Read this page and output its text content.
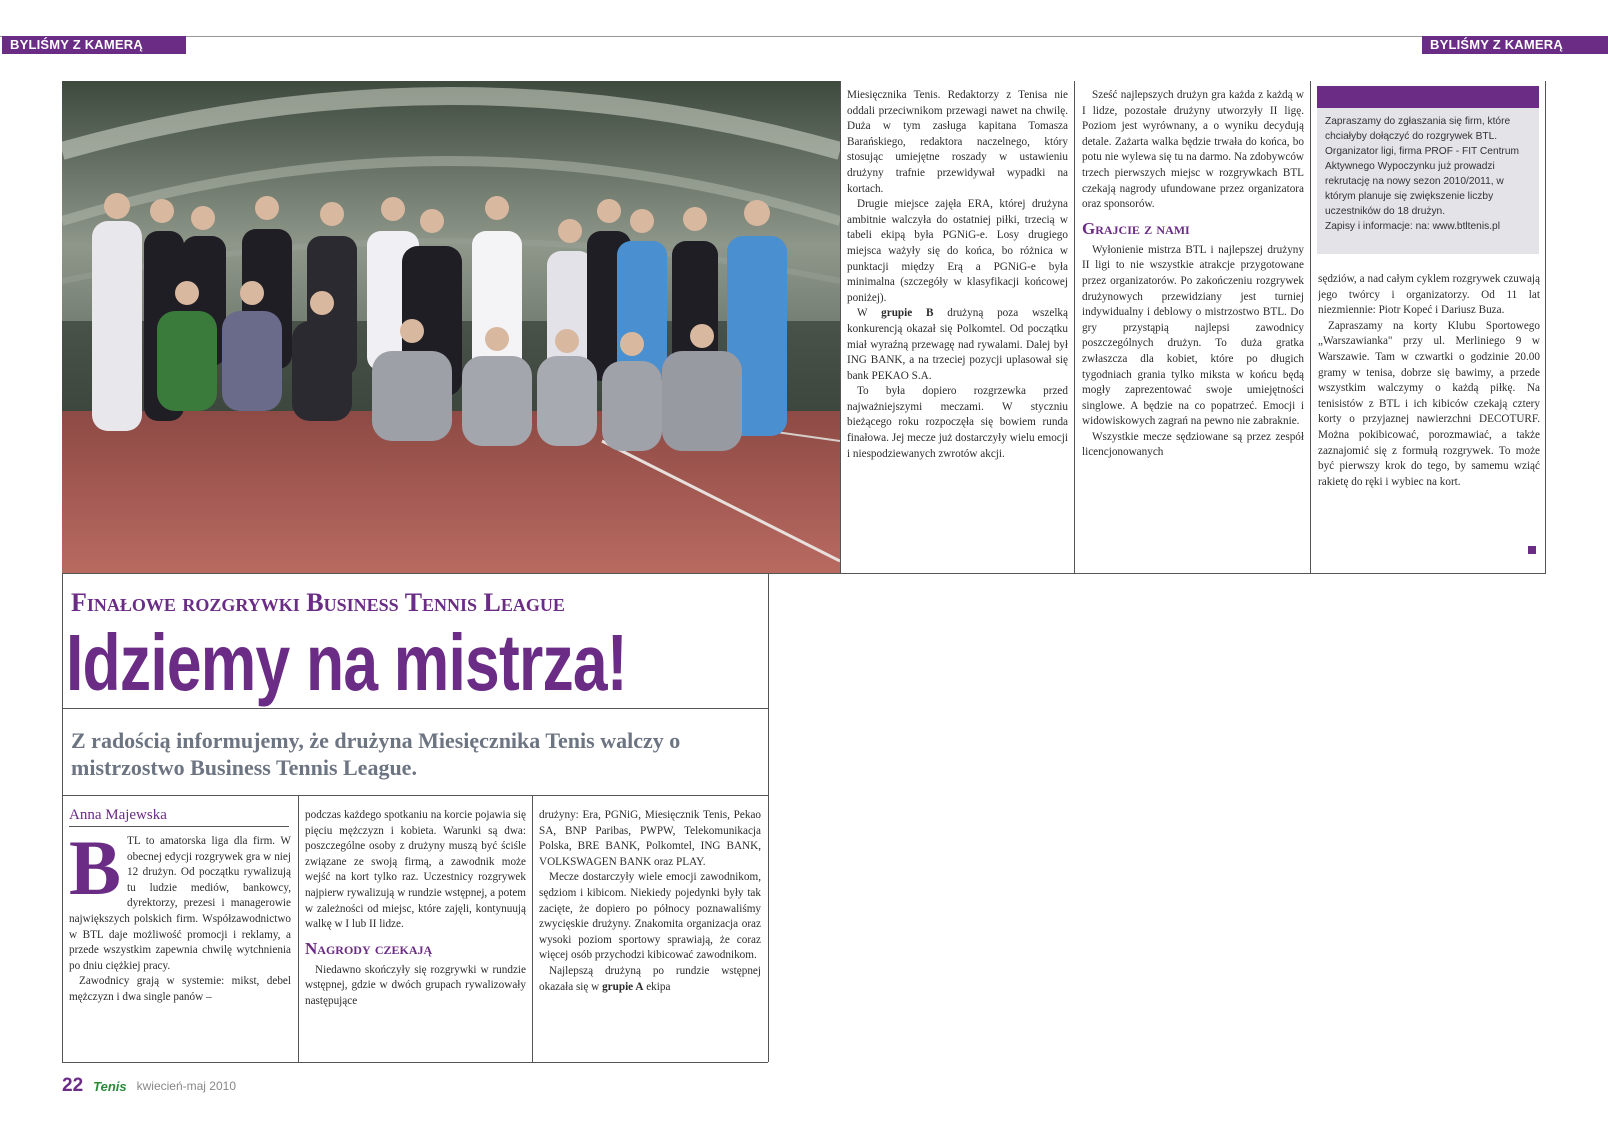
BYLIŚMY Z KAMERĄ	BYLIŚMY Z KAMERĄ
Finałowe rozgrywki Business Tennis League
Idziemy na mistrza!
Z radością informujemy, że drużyna Miesięcznika Tenis walczy o mistrzostwo Business Tennis League.
Anna Majewska
B TL to amatorska liga dla firm. W obecnej edycji rozgrywek gra w niej 12 drużyn. Od początku rywalizują tu ludzie mediów, bankowcy, dyrektorzy, prezesi i managerowie największych polskich firm. Współzawodnictwo w BTL daje możliwość promocji i reklamy, a przede wszystkim zapewnia chwilę wytchnienia po dniu ciężkiej pracy.

Zawodnicy grają w systemie: mikst, debel mężczyzn i dwa single panów –

podczas każdego spotkaniu na korcie pojawia się pięciu mężczyzn i kobieta. Warunki są dwa: poszczególne osoby z drużyny muszą być ściśle związane ze swoją firmą, a zawodnik może wejść na kort tylko raz. Uczestnicy rozgrywek najpierw rywalizują w rundzie wstępnej, a potem w zależności od miejsc, które zajęli, kontynuują walkę w I lub II lidze.

Nagrody czekają

Niedawno skończyły się rozgrywki w rundzie wstępnej, gdzie w dwóch grupach rywalizowały następujące

drużyny: Era, PGNiG, Miesięcznik Tenis, Pekao SA, BNP Paribas, PWPW, Telekomunikacja Polska, BRE BANK, Polkomtel, ING BANK, VOLKSWAGEN BANK oraz PLAY.

Mecze dostarczyły wiele emocji zawodnikom, sędziom i kibicom. Niekiedy pojedynki były tak zacięte, że dopiero po północy poznawaliśmy zwycięskie drużyny. Znakomita organizacja oraz wysoki poziom sportowy sprawiają, że coraz więcej osób przychodzi kibicować zawodnikom.

Najlepszą drużyną po rundzie wstępnej okazała się w grupie A ekipa

Miesięcznika Tenis. Redaktorzy z Tenisa nie oddali przeciwnikom przewagi nawet na chwilę. Duża w tym zasługa kapitana Tomasza Barańskiego, redaktora naczelnego, który stosując umiejętne roszady w ustawieniu drużyny trafnie przewidywał wypadki na kortach.

Drugie miejsce zajęła ERA, której drużyna ambitnie walczyła do ostatniej piłki, trzecią w tabeli ekipą była PGNiG-e. Losy drugiego miejsca ważyły się do końca, bo różnica w punktacji między Erą a PGNiG-e była minimalna (szczegóły w klasyfikacji końcowej poniżej).

W grupie B drużyną poza wszelką konkurencją okazał się Polkomtel. Od początku miał wyraźną przewagę nad rywalami. Dalej był ING BANK, a na trzeciej pozycji uplasował się bank PEKAO S.A.

To była dopiero rozgrzewka przed najważniejszymi meczami. W styczniu bieżącego roku rozpoczęła się bowiem runda finałowa. Jej mecze już dostarczyły wielu emocji i niespodziewanych zwrotów akcji.

Sześć najlepszych drużyn gra każda z każdą w I lidze, pozostałe drużyny utworzyły II ligę. Poziom jest wyrównany, a o wyniku decydują detale. Zażarta walka będzie trwała do końca, bo potu nie wylewa się tu na darmo. Na zdobywców trzech pierwszych miejsc w rozgrywkach BTL czekają nagrody ufundowane przez organizatora oraz sponsorów.

Grajcie z nami

Wyłonienie mistrza BTL i najlepszej drużyny II ligi to nie wszystkie atrakcje przygotowane przez organizatorów. Po zakończeniu rozgrywek drużynowych przewidziany jest turniej indywidualny i deblowy o mistrzostwo BTL. Do gry przystąpią najlepsi zawodnicy poszczególnych drużyn. To duża gratka zwłaszcza dla kobiet, które po długich tygodniach grania tylko miksta w końcu będą mogły zaprezentować swoje umiejętności singlowe. A będzie na co popatrzeć. Emocji i widowiskowych zagrań na pewno nie zabraknie.

Wszystkie mecze sędziowane są przez zespół licencjonowanych

Zapraszamy do zgłaszania się firm, które chciałyby dołączyć do rozgrywek BTL. Organizator ligi, firma PROF - FIT Centrum Aktywnego Wypoczynku już prowadzi rekrutację na nowy sezon 2010/2011, w którym planuje się zwiększenie liczby uczestników do 18 drużyn.
Zapisy i informacje: na: www.btltenis.pl

sędziów, a nad całym cyklem rozgrywek czuwają jego twórcy i organizatorzy. Od 11 lat niezmiennie: Piotr Kopeć i Dariusz Buza.

Zapraszamy na korty Klubu Sportowego „Warszawianka" przy ul. Merliniego 9 w Warszawie. Tam w czwartki o godzinie 20.00 gramy w tenisa, dobrze się bawimy, a przede wszystkim walczymy o każdą piłkę. Na tenisistów z BTL i ich kibiców czekają cztery korty o przyjaznej nawierzchni DECOTURF. Można pokibicować, porozmawiać, a także zaznajomić się z formułą rozgrywek. To może być pierwszy krok do tego, by samemu wziąć rakietę do ręki i wybiec na kort.

22 Tenis kwiecień-maj 2010
